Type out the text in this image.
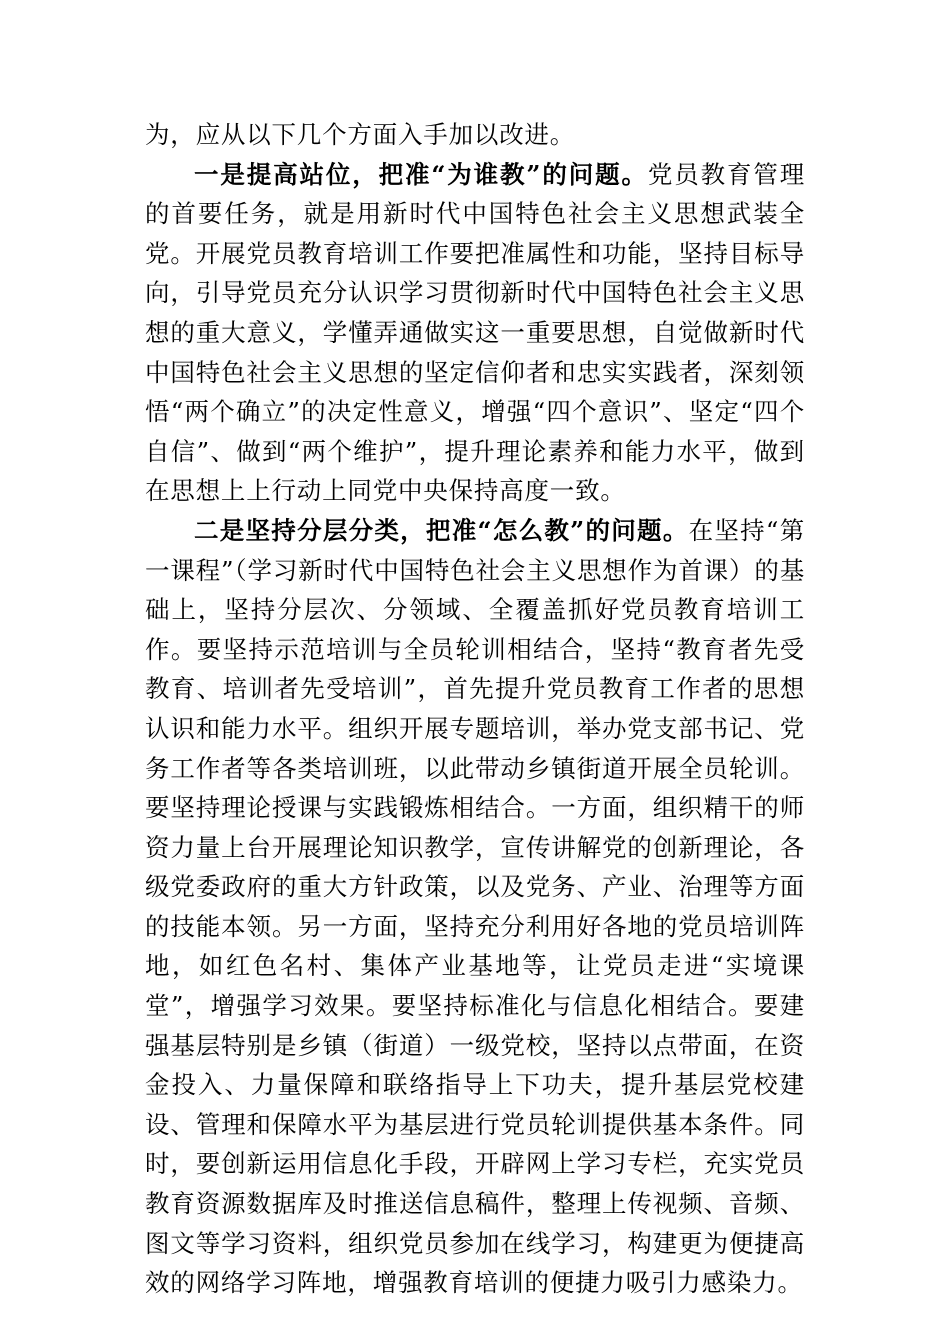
为，应从以下几个方面入手加以改进。

一是提高站位，把准“为谁教”的问题。党员教育管理的首要任务，就是用新时代中国特色社会主义思想武装全党。开展党员教育培训工作要把准属性和功能，坚持目标导向，引导党员充分认识学习贯彻新时代中国特色社会主义思想的重大意义，学懂弄通做实这一重要思想，自觉做新时代中国特色社会主义思想的坚定信仰者和忠实实践者，深刻领悟“两个确立”的决定性意义，增强“四个意识”、坚定“四个自信”、做到“两个维护”，提升理论素养和能力水平，做到在思想上上行动上同党中央保持高度一致。

二是坚持分层分类，把准“怎么教”的问题。在坚持“第一课程”（学习新时代中国特色社会主义思想作为首课）的基础上，坚持分层次、分领域、全覆盖抓好党员教育培训工作。要坚持示范培训与全员轮训相结合，坚持“教育者先受教育、培训者先受培训”，首先提升党员教育工作者的思想认识和能力水平。组织开展专题培训，举办党支部书记、党务工作者等各类培训班，以此带动乡镇街道开展全员轮训。要坚持理论授课与实践锻炼相结合。一方面，组织精干的师资力量上台开展理论知识教学，宣传讲解党的创新理论，各级党委政府的重大方针政策，以及党务、产业、治理等方面的技能本领。另一方面，坚持充分利用好各地的党员培训阵地，如红色名村、集体产业基地等，让党员走进“实境课堂”，增强学习效果。要坚持标准化与信息化相结合。要建强基层特别是乡镇（街道）一级党校，坚持以点带面，在资金投入、力量保障和联络指导上下功夫，提升基层党校建设、管理和保障水平为基层进行党员轮训提供基本条件。同时，要创新运用信息化手段，开辟网上学习专栏，充实党员教育资源数据库及时推送信息稿件，整理上传视频、音频、图文等学习资料，组织党员参加在线学习，构建更为便捷高效的网络学习阵地，增强教育培训的便捷力吸引力感染力。
